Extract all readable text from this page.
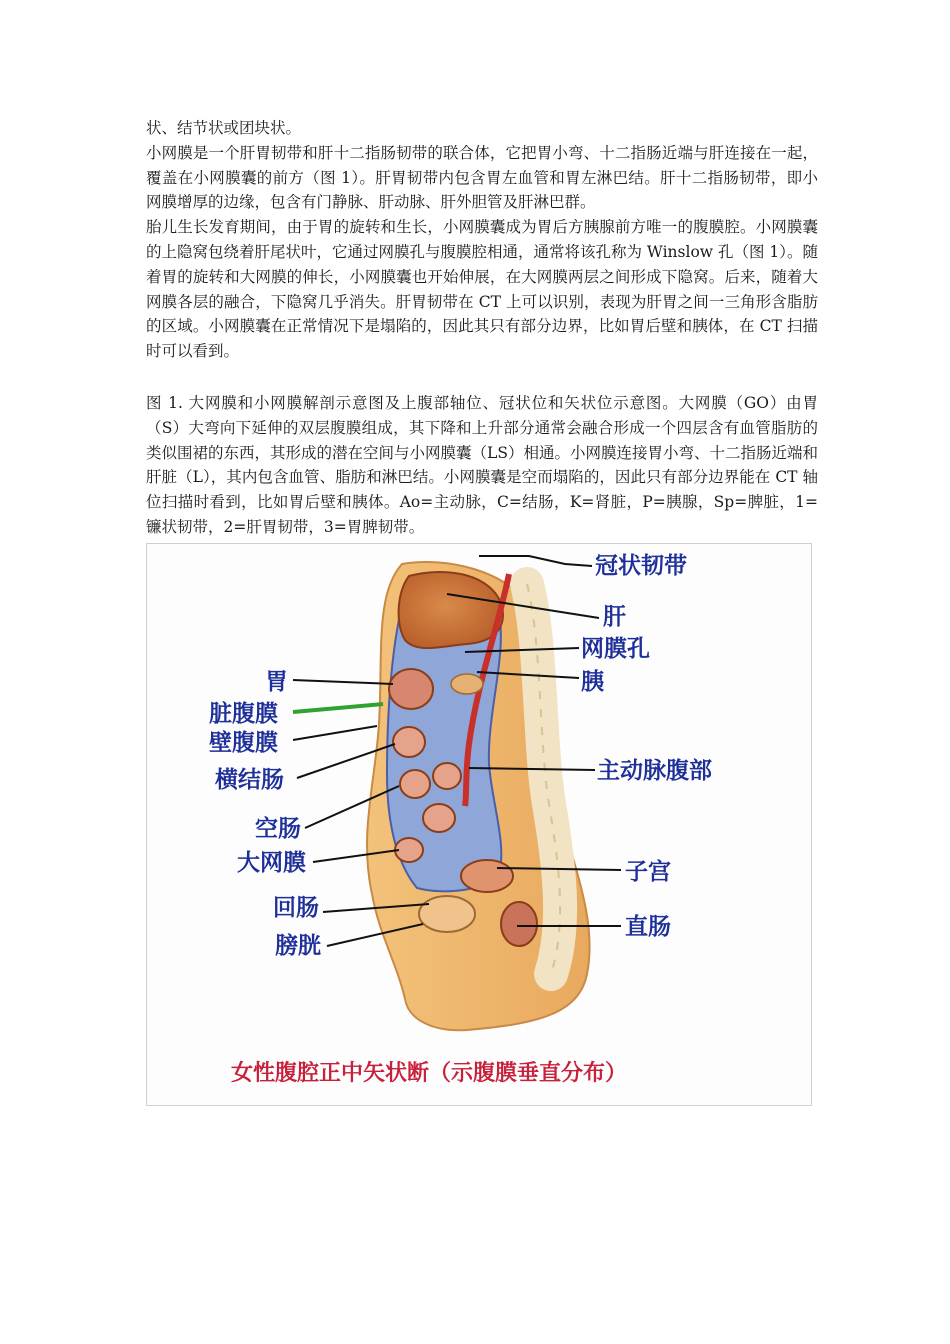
状、结节状或团块状。

小网膜是一个肝胃韧带和肝十二指肠韧带的联合体，它把胃小弯、十二指肠近端与肝连接在一起，覆盖在小网膜囊的前方（图 1）。肝胃韧带内包含胃左血管和胃左淋巴结。肝十二指肠韧带，即小网膜增厚的边缘，包含有门静脉、肝动脉、肝外胆管及肝淋巴群。

胎儿生长发育期间，由于胃的旋转和生长，小网膜囊成为胃后方胰腺前方唯一的腹膜腔。小网膜囊的上隐窝包绕着肝尾状叶，它通过网膜孔与腹膜腔相通，通常将该孔称为 Winslow 孔（图 1）。随着胃的旋转和大网膜的伸长，小网膜囊也开始伸展，在大网膜两层之间形成下隐窝。后来，随着大网膜各层的融合，下隐窝几乎消失。肝胃韧带在 CT 上可以识别，表现为肝胃之间一三角形含脂肪的区域。小网膜囊在正常情况下是塌陷的，因此其只有部分边界，比如胃后壁和胰体，在 CT 扫描时可以看到。

图 1. 大网膜和小网膜解剖示意图及上腹部轴位、冠状位和矢状位示意图。大网膜（GO）由胃（S）大弯向下延伸的双层腹膜组成，其下降和上升部分通常会融合形成一个四层含有血管脂肪的类似围裙的东西，其形成的潜在空间与小网膜囊（LS）相通。小网膜连接胃小弯、十二指肠近端和肝脏（L），其内包含血管、脂肪和淋巴结。小网膜囊是空而塌陷的，因此只有部分边界能在 CT 轴位扫描时看到，比如胃后壁和胰体。Ao=主动脉，C=结肠，K=肾脏，P=胰腺，Sp=脾脏，1=镰状韧带，2=肝胃韧带，3=胃脾韧带。

冠状韧带
肝
网膜孔
胰
主动脉腹部
子宫
直肠
胃
脏腹膜
壁腹膜
横结肠
空肠
大网膜
回肠
膀胱
女性腹腔正中矢状断（示腹膜垂直分布）
